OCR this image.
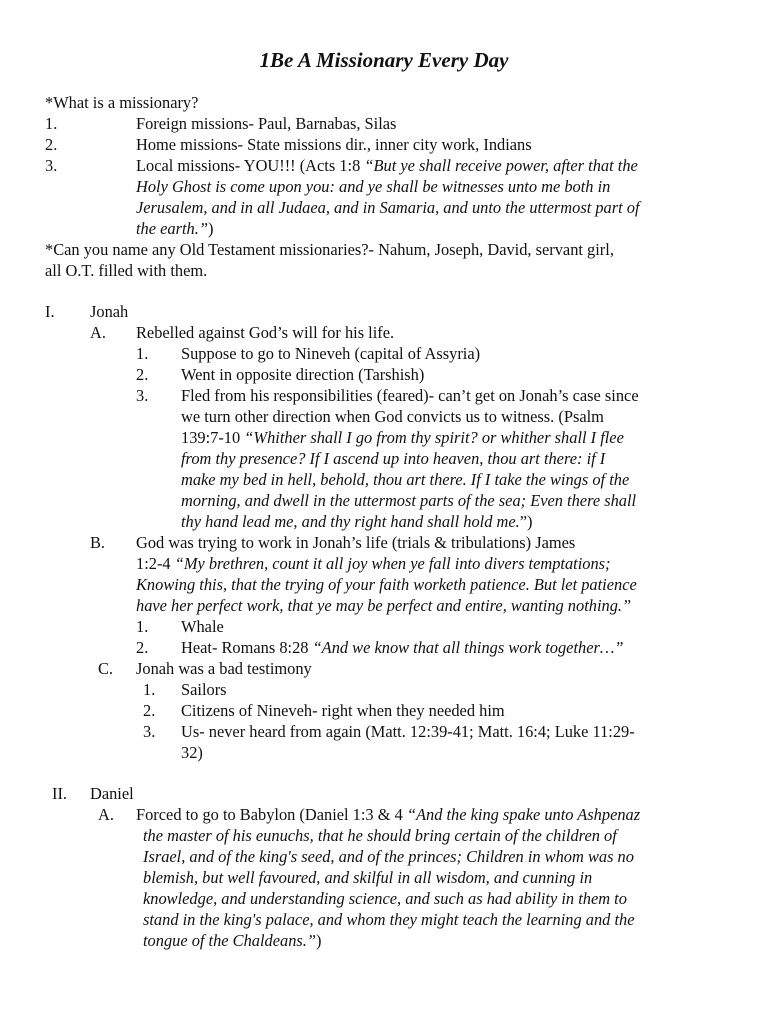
1Be A Missionary Every Day
*What is a missionary?
1.	Foreign missions- Paul, Barnabas, Silas
2.	Home missions- State missions dir., inner city work, Indians
3.	Local missions- YOU!!! (Acts 1:8 “But ye shall receive power, after that the
Holy Ghost is come upon you: and ye shall be witnesses unto me both in
Jerusalem, and in all Judaea, and in Samaria, and unto the uttermost part of
the earth.”)
*Can you name any Old Testament missionaries?- Nahum, Joseph, David, servant girl,
all O.T. filled with them.
I. Jonah
A. Rebelled against God’s will for his life.
1. Suppose to go to Nineveh (capital of Assyria)
2. Went in opposite direction (Tarshish)
3. Fled from his responsibilities (feared)- can’t get on Jonah’s case since
we turn other direction when God convicts us to witness. (Psalm
139:7-10 “Whither shall I go from thy spirit? or whither shall I flee
from thy presence? If I ascend up into heaven, thou art there: if I
make my bed in hell, behold, thou art there. If I take the wings of the
morning, and dwell in the uttermost parts of the sea; Even there shall
thy hand lead me, and thy right hand shall hold me.”)
B. God was trying to work in Jonah’s life (trials & tribulations) James
1:2-4 “My brethren, count it all joy when ye fall into divers temptations;
Knowing this, that the trying of your faith worketh patience. But let patience
have her perfect work, that ye may be perfect and entire, wanting nothing.”
1. Whale
2. Heat- Romans 8:28 “And we know that all things work together…”
C. Jonah was a bad testimony
1. Sailors
2. Citizens of Nineveh- right when they needed him
3. Us- never heard from again (Matt. 12:39-41; Matt. 16:4; Luke 11:29-
32)
II. Daniel
A. Forced to go to Babylon (Daniel 1:3 & 4 “And the king spake unto Ashpenaz
the master of his eunuchs, that he should bring certain of the children of
Israel, and of the king's seed, and of the princes; Children in whom was no
blemish, but well favoured, and skilful in all wisdom, and cunning in
knowledge, and understanding science, and such as had ability in them to
stand in the king's palace, and whom they might teach the learning and the
tongue of the Chaldeans.”)
